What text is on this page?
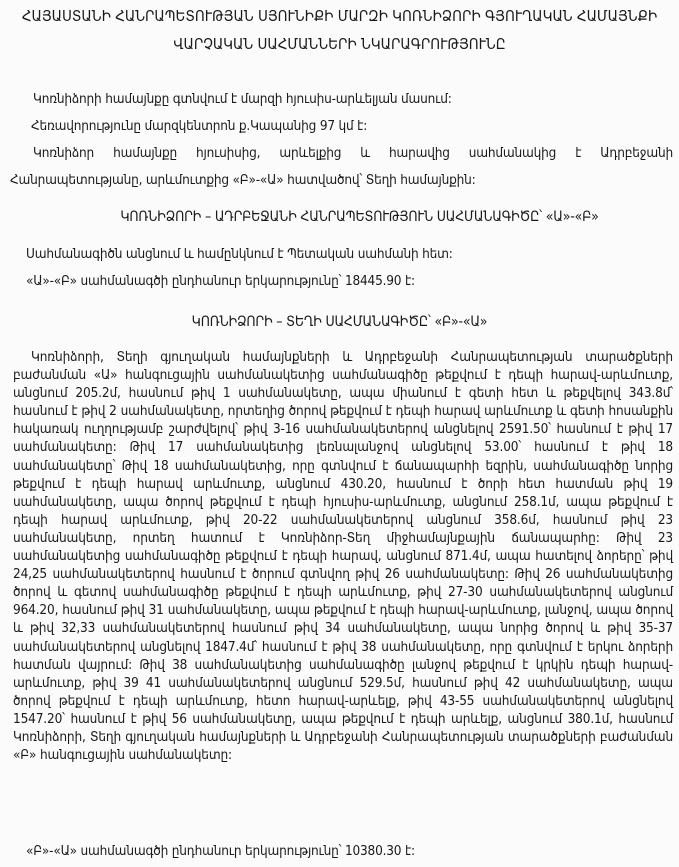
ՀԱՅԱՍՏԱՆԻ ՀԱՆՐԱՊԵՏՈՒԹՅԱՆ ՍՅՈՒՆԻՔԻ ՄԱՐԶԻ ԿՈՌՆԻՁՈՐԻ ԳՅՈՒՂԱԿԱՆ ՀԱՄԱՅՆՔԻ
ՎԱՐՉԱԿԱՆ ՍԱՀՄԱՆՆԵՐԻ ՆԿԱՐԱԳՐՈՒԹՅՈՒՆԸ
Կոռնիձորի համայնքը գտնվում է մարզի հյուսիս-արևելյան մասում:
Հեռավորությունը մարզկենտրոն ք.Կապանից 97 կմ է:
Կոռնիձոր համայնքը հյուսիսից, արևելքից և հարավից սահմանակից է Ադրբեջանի
Հանրապետությանը, արևմուտքից «Բ»-«Ա» հատվածով՝ Տեղի համայնքին:
ԿՈՌՆԻՁՈՐԻ – ԱԴՐԲԵՋԱՆԻ ՀԱՆՐԱՊԵՏՈՒԹՅՈՒՆ ՍԱՀՄԱՆԱԳԻԾԸ՝ «Ա»-«Բ»
Սահմանագիծն անցնում և համընկնում է Պետական սահմանի հետ:
«Ա»-«Բ» սահմանագծի ընդհանուր երկարությունը՝ 18445.90 է:
ԿՈՌՆԻՁՈՐԻ – ՏԵՂԻ ՍԱՀՄԱՆԱԳԻԾԸ՝ «Բ»-«Ա»
Կոռնիձորի, Տեղի գյուղական համայնքների և Ադրբեջանի Հանրապետության տարածքների բաժանման «Ա» հանգուցային սահմանակետից սահմանագիծը թեքվում է դեպի հարավ-արևմուտք, անցնում 205.2մ, հասնում թիվ 1 սահմանակետը, ապա միանում է գետի հետ և թեքվելով 343.8մ՝ հասնում է թիվ 2 սահմանակետը, որտեղից ծորով թեքվում է դեպի հարավ արևմուտք և գետի հոսանքին հակառակ ուղղությամբ շարժվելով՝ թիվ 3-16 սահմանակետերով անցնելով 2591.50՝ հասնում է թիվ 17 սահմանակետը: Թիվ 17 սահմանակետից լեռնալանջով անցնելով 53.00՝ հասնում է թիվ 18 սահմանակետը՝ Թիվ 18 սահմանակետից, որը գտնվում է ճանապարհի եզրին, սահմանագիծը նորից թեքվում է դեպի հարավ արևմուտք, անցնում 430.20, հասնում է ծորի հետ հատման թիվ 19 սահմանակետը, ապա ծորով թեքվում է դեպի հյուսիս-արևմուտք, անցնում 258.1մ, ապա թեքվում է դեպի հարավ արևմուտք, թիվ 20-22 սահմանակետերով անցնում 358.6մ, հասնում թիվ 23 սահմանակետը, որտեղ հատում է Կոռնիձոր-Տեղ միջհամայնքային ճանապարհը: Թիվ 23 սահմանակետից սահմանագիծը թեքվում է դեպի հարավ, անցնում 871.4մ, ապա հատելով ձորերը՝ թիվ 24,25 սահմանակետերով հասնում է ծորում գտնվող թիվ 26 սահմանակետը: Թիվ 26 սահմանակետից ծորով և գետով սահմանագիծը թեքվում է դեպի արևմուտք, թիվ 27-30 սահմանակետերով անցնում 964.20, հասնում թիվ 31 սահմանակետը, ապա թեքվում է դեպի հարավ-արևմուտք, լանջով, ապա ծորով և թիվ 32,33 սահմանակետերով հասնում թիվ 34 սահմանակետը, ապա նորից ծորով և թիվ 35-37 սահմանակետերով անցնելով 1847.4մ՝ հասնում է թիվ 38 սահմանակետը, որը գտնվում է երկու ձորերի հատման վայրում: Թիվ 38 սահմանակետից սահմանագիծը լանջով թեքվում է կրկին դեպի հարավ-արևմուտք, թիվ 39 41 սահմանակետերով անցնում 529.5մ, հասնում թիվ 42 սահմանակետը, ապա ծորով թեքվում է դեպի արևմուտք, հետո հարավ-արևելք, թիվ 43-55 սահմանակետերով անցնելով 1547.20՝ հասնում է թիվ 56 սահմանակետը, ապա թեքվում է դեպի արևելք, անցնում 380.1մ, հասնում Կոռնիձորի, Տեղի գյուղական համայնքների և Ադրբեջանի Հանրապետության տարածքների բաժանման «Բ» հանգուցային սահմանակետը:
«Բ»-«Ա» սահմանագծի ընդհանուր երկարությունը՝ 10380.30 է:
